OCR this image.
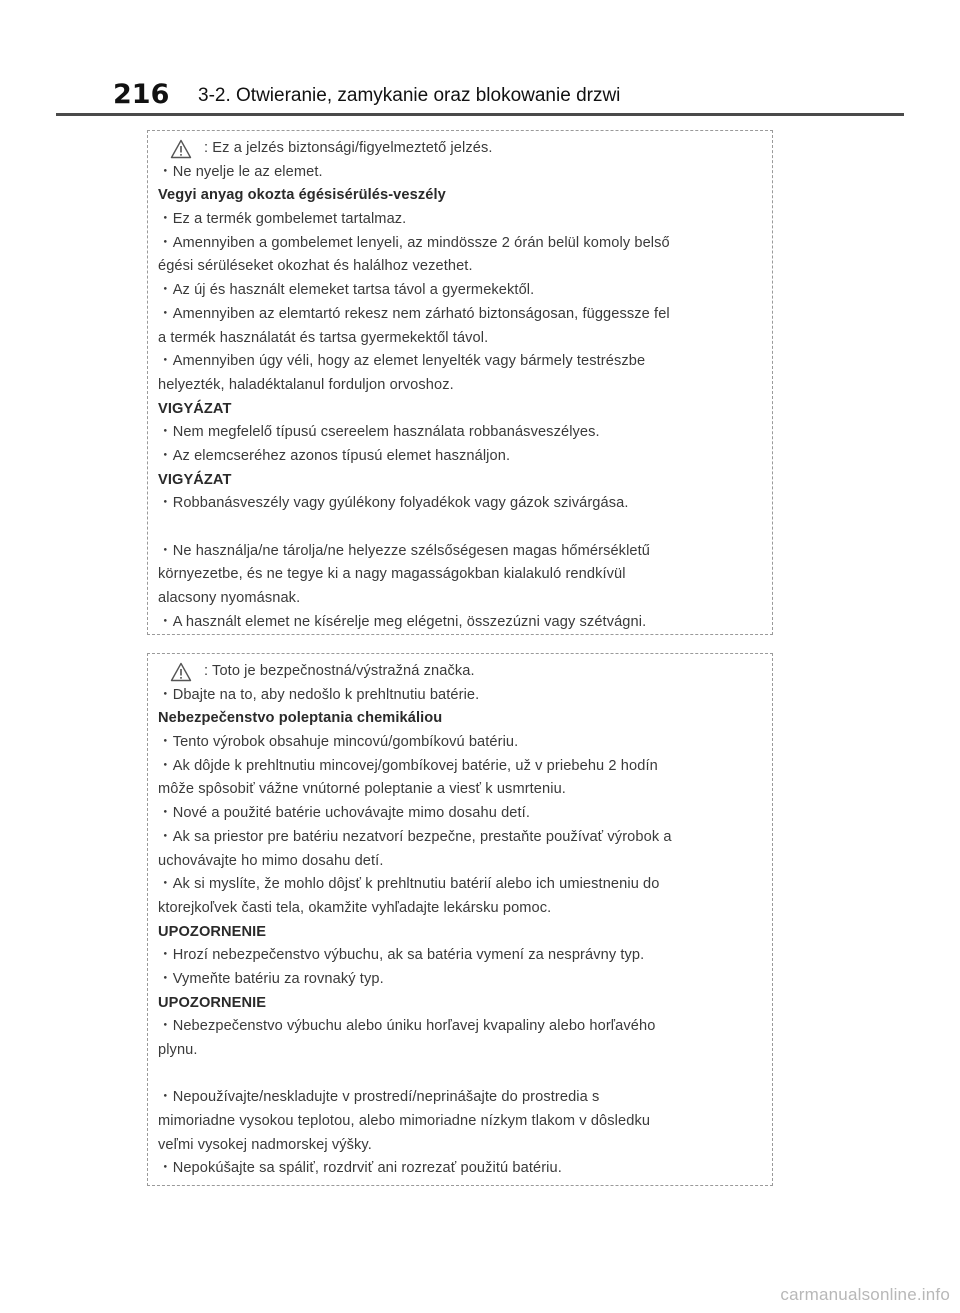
216 3-2. Otwieranie, zamykanie oraz blokowanie drzwi
: Ez a jelzés biztonsági/figyelmeztető jelzés.
・Ne nyelje le az elemet.
Vegyi anyag okozta égésisérülés-veszély
・Ez a termék gombelemet tartalmaz.
・Amennyiben a gombelemet lenyeli, az mindössze 2 órán belül komoly belső
égési sérüléseket okozhat és halálhoz vezethet.
・Az új és használt elemeket tartsa távol a gyermekektől.
・Amennyiben az elemtartó rekesz nem zárható biztonságosan, függessze fel
a termék használatát és tartsa gyermekektől távol.
・Amennyiben úgy véli, hogy az elemet lenyelték vagy bármely testrészbe
helyezték, haladéktalanul forduljon orvoshoz.
VIGYÁZAT
・Nem megfelelő típusú csereelem használata robbanásveszélyes.
・Az elemcseréhez azonos típusú elemet használjon.
VIGYÁZAT
・Robbanásveszély vagy gyúlékony folyadékok vagy gázok szivárgása.
・Ne használja/ne tárolja/ne helyezze szélsőségesen magas hőmérsékletű
környezetbe, és ne tegye ki a nagy magasságokban kialakuló rendkívül
alacsony nyomásnak.
・A használt elemet ne kísérelje meg elégetni, összezúzni vagy szétvágni.
: Toto je bezpečnostná/výstražná značka.
・Dbajte na to, aby nedošlo k prehltnutiu batérie.
Nebezpečenstvo poleptania chemikáliou
・Tento výrobok obsahuje mincovú/gombíkovú batériu.
・Ak dôjde k prehltnutiu mincovej/gombíkovej batérie, už v priebehu 2 hodín
môže spôsobiť vážne vnútorné poleptanie a viesť k usmrteniu.
・Nové a použité batérie uchovávajte mimo dosahu detí.
・Ak sa priestor pre batériu nezatvorí bezpečne, prestaňte používať výrobok a
uchovávajte ho mimo dosahu detí.
・Ak si myslíte, že mohlo dôjsť k prehltnutiu batérií alebo ich umiestneniu do
ktorejkoľvek časti tela, okamžite vyhľadajte lekársku pomoc.
UPOZORNENIE
・Hrozí nebezpečenstvo výbuchu, ak sa batéria vymení za nesprávny typ.
・Vymeňte batériu za rovnaký typ.
UPOZORNENIE
・Nebezpečenstvo výbuchu alebo úniku horľavej kvapaliny alebo horľavého
plynu.
・Nepoužívajte/neskladujte v prostredí/neprinášajte do prostredia s
mimoriadne vysokou teplotou, alebo mimoriadne nízkym tlakom v dôsledku
veľmi vysokej nadmorskej výšky.
・Nepokúšajte sa spáliť, rozdrviť ani rozrezať použitú batériu.
carmanualsonline.info
